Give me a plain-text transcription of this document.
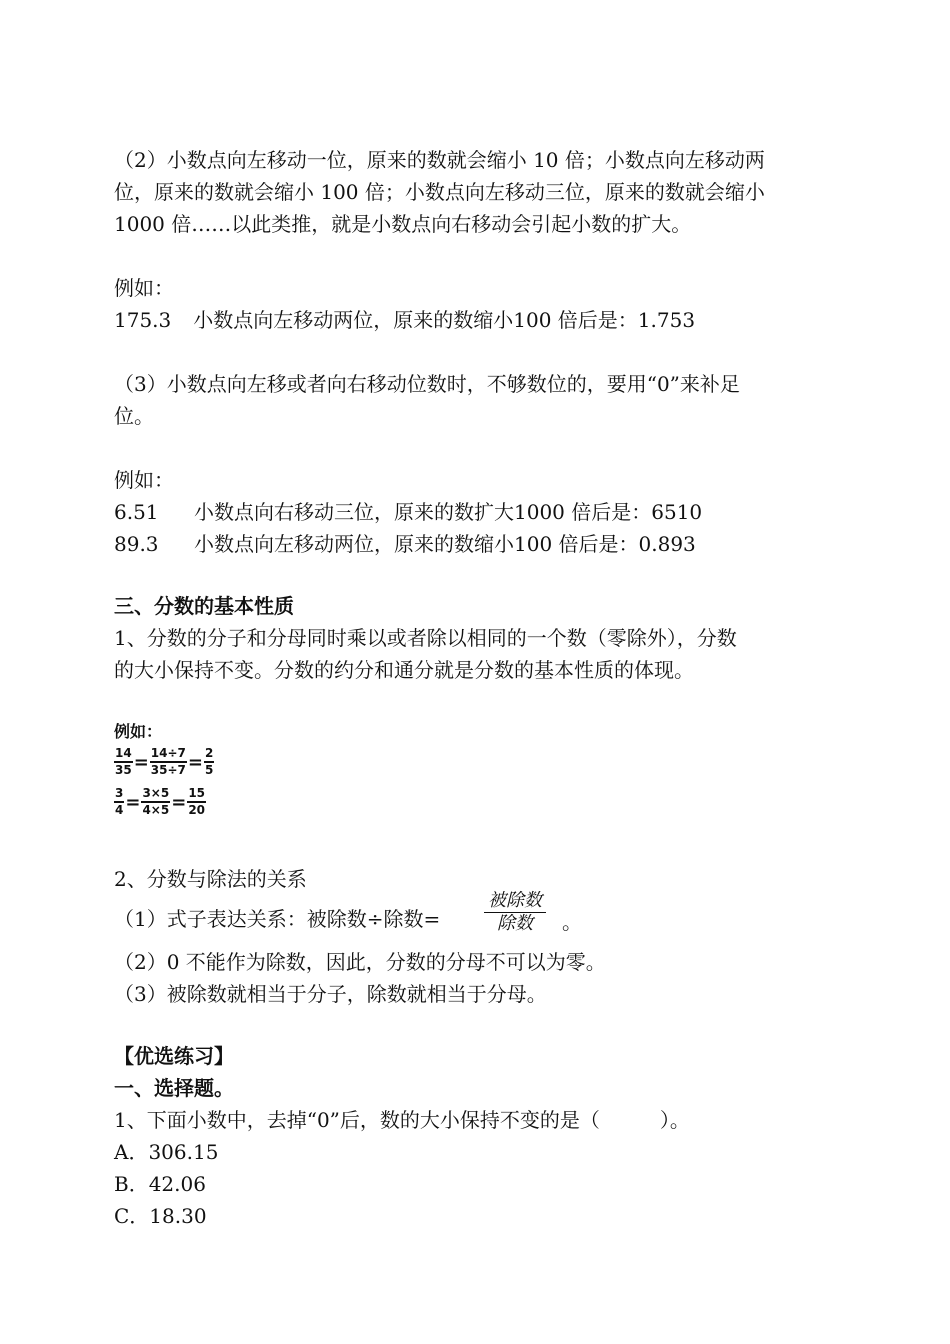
（2）小数点向左移动一位，原来的数就会缩小 10 倍；小数点向左移动两
位，原来的数就会缩小 100 倍；小数点向左移动三位，原来的数就会缩小
1000 倍……以此类推，就是小数点向右移动会引起小数的扩大。
例如：
175.3 小数点向左移动两位，原来的数缩小100 倍后是：1.753
（3）小数点向左移或者向右移动位数时，不够数位的，要用“0”来补足
位。
例如：
6.51 小数点向右移动三位，原来的数扩大1000 倍后是：6510
89.3 小数点向左移动两位，原来的数缩小100 倍后是：0.893
三、分数的基本性质
1、分数的分子和分母同时乘以或者除以相同的一个数（零除外），分数
的大小保持不变。分数的约分和通分就是分数的基本性质的体现。
例如：
$\frac{14}{35} = \frac{14\div 7}{35\div 7} = \frac{2}{5}$
$\frac{3}{4} = \frac{3\times 5}{4\times 5} = \frac{15}{20}$
2、分数与除法的关系
（1）式子表达关系：被除数÷除数=
被除数
除数 。
（2）0 不能作为除数，因此，分数的分母不可以为零。
（3）被除数就相当于分子，除数就相当于分母。
【优选练习】
一、选择题。
1、下面小数中，去掉“0”后，数的大小保持不变的是（　　　）。
A．306.15
B．42.06
C．18.30
